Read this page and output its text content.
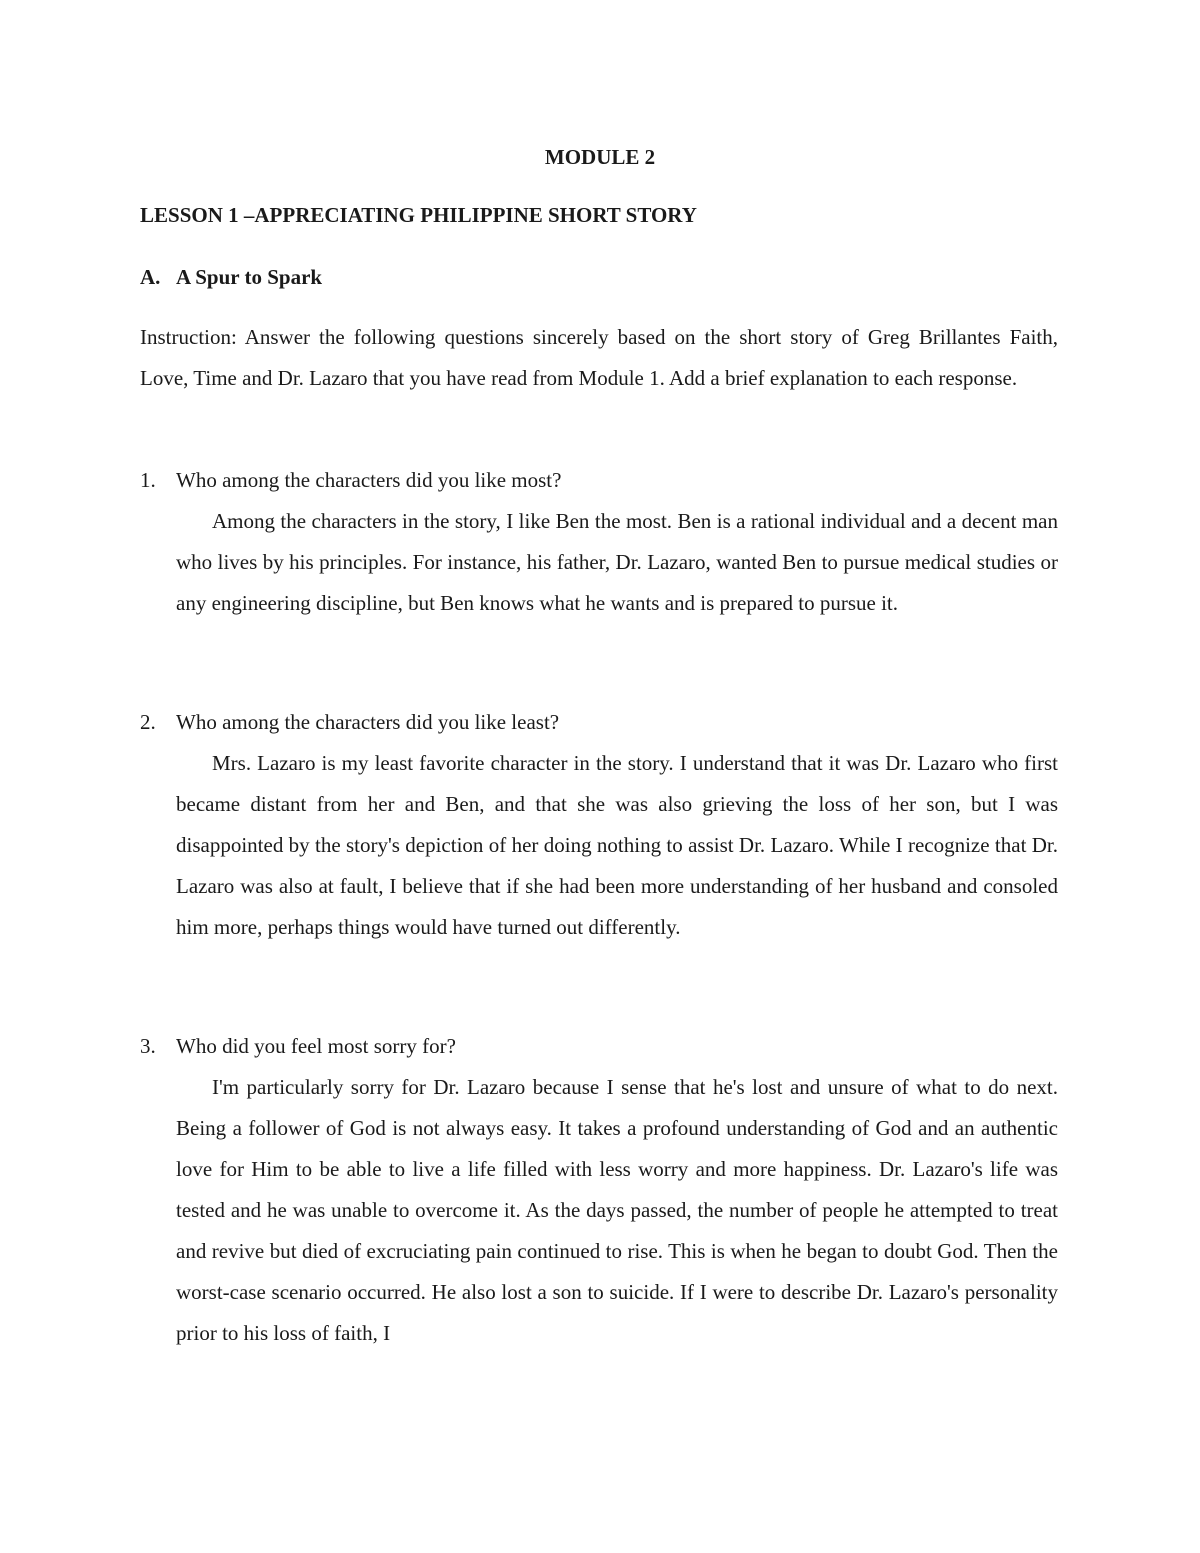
MODULE 2
LESSON 1 –APPRECIATING PHILIPPINE SHORT STORY
A. A Spur to Spark

Instruction: Answer the following questions sincerely based on the short story of Greg Brillantes Faith, Love, Time and Dr. Lazaro that you have read from Module 1. Add a brief explanation to each response.

1. Who among the characters did you like most?

Among the characters in the story, I like Ben the most. Ben is a rational individual and a decent man who lives by his principles. For instance, his father, Dr. Lazaro, wanted Ben to pursue medical studies or any engineering discipline, but Ben knows what he wants and is prepared to pursue it.

2. Who among the characters did you like least?

Mrs. Lazaro is my least favorite character in the story. I understand that it was Dr. Lazaro who first became distant from her and Ben, and that she was also grieving the loss of her son, but I was disappointed by the story's depiction of her doing nothing to assist Dr. Lazaro. While I recognize that Dr. Lazaro was also at fault, I believe that if she had been more understanding of her husband and consoled him more, perhaps things would have turned out differently.

3. Who did you feel most sorry for?

I'm particularly sorry for Dr. Lazaro because I sense that he's lost and unsure of what to do next. Being a follower of God is not always easy. It takes a profound understanding of God and an authentic love for Him to be able to live a life filled with less worry and more happiness. Dr. Lazaro's life was tested and he was unable to overcome it. As the days passed, the number of people he attempted to treat and revive but died of excruciating pain continued to rise. This is when he began to doubt God. Then the worst-case scenario occurred. He also lost a son to suicide. If I were to describe Dr. Lazaro's personality prior to his loss of faith, I
